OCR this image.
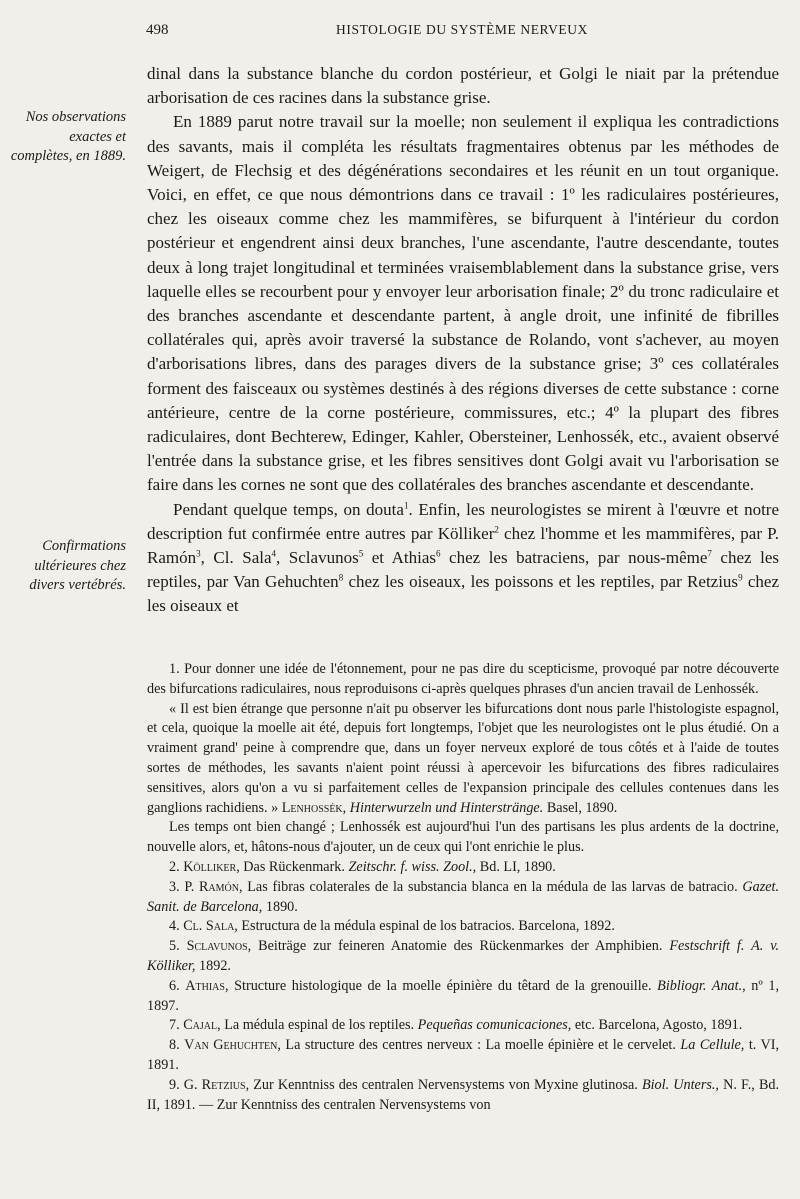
498	HISTOLOGIE DU SYSTÈME NERVEUX
Nos observations exactes et complètes, en 1889.
Confirmations ultérieures chez divers vertébrés.

dinal dans la substance blanche du cordon postérieur, et Golgi le niait par la prétendue arborisation de ces racines dans la substance grise.

En 1889 parut notre travail sur la moelle; non seulement il expliqua les contradictions des savants, mais il compléta les résultats fragmentaires obtenus par les méthodes de Weigert, de Flechsig et des dégénérations secondaires et les réunit en un tout organique. Voici, en effet, ce que nous démontrions dans ce travail : 1º les radiculaires postérieures, chez les oiseaux comme chez les mammifères, se bifurquent à l'intérieur du cordon postérieur et engendrent ainsi deux branches, l'une ascendante, l'autre descendante, toutes deux à long trajet longitudinal et terminées vraisemblablement dans la substance grise, vers laquelle elles se recourbent pour y envoyer leur arborisation finale; 2º du tronc radiculaire et des branches ascendante et descendante partent, à angle droit, une infinité de fibrilles collatérales qui, après avoir traversé la substance de Rolando, vont s'achever, au moyen d'arborisations libres, dans des parages divers de la substance grise; 3º ces collatérales forment des faisceaux ou systèmes destinés à des régions diverses de cette substance : corne antérieure, centre de la corne postérieure, commissures, etc.; 4º la plupart des fibres radiculaires, dont Bechterew, Edinger, Kahler, Obersteiner, Lenhossék, etc., avaient observé l'entrée dans la substance grise, et les fibres sensitives dont Golgi avait vu l'arborisation se faire dans les cornes ne sont que des collatérales des branches ascendante et descendante.

Pendant quelque temps, on douta$^1$. Enfin, les neurologistes se mirent à l'œuvre et notre description fut confirmée entre autres par Kölliker$^2$ chez l'homme et les mammifères, par P. Ramón$^3$, Cl. Sala$^4$, Sclavunos$^5$ et Athias$^6$ chez les batraciens, par nous-même$^7$ chez les reptiles, par Van Gehuchten$^8$ chez les oiseaux, les poissons et les reptiles, par Retzius$^9$ chez les oiseaux et

1. Pour donner une idée de l'étonnement, pour ne pas dire du scepticisme, provoqué par notre découverte des bifurcations radiculaires, nous reproduisons ci-après quelques phrases d'un ancien travail de Lenhossék.

« Il est bien étrange que personne n'ait pu observer les bifurcations dont nous parle l'histologiste espagnol, et cela, quoique la moelle ait été, depuis fort longtemps, l'objet que les neurologistes ont le plus étudié. On a vraiment grand' peine à comprendre que, dans un foyer nerveux exploré de tous côtés et à l'aide de toutes sortes de méthodes, les savants n'aient point réussi à apercevoir les bifurcations des fibres radiculaires sensitives, alors qu'on a vu si parfaitement celles de l'expansion principale des cellules contenues dans les ganglions rachidiens. » Lenhossék, Hinterwurzeln und Hinterstränge. Basel, 1890.

Les temps ont bien changé ; Lenhossék est aujourd'hui l'un des partisans les plus ardents de la doctrine, nouvelle alors, et, hâtons-nous d'ajouter, un de ceux qui l'ont enrichie le plus.

2. Kölliker, Das Rückenmark. Zeitschr. f. wiss. Zool., Bd. LI, 1890.

3. P. Ramón, Las fibras colaterales de la substancia blanca en la médula de las larvas de batracio. Gazet. Sanit. de Barcelona, 1890.

4. Cl. Sala, Estructura de la médula espinal de los batracios. Barcelona, 1892.

5. Sclavunos, Beiträge zur feineren Anatomie des Rückenmarkes der Amphibien. Festschrift f. A. v. Kölliker, 1892.

6. Athias, Structure histologique de la moelle épinière du têtard de la grenouille. Bibliogr. Anat., nº 1, 1897.

7. Cajal, La médula espinal de los reptiles. Pequeñas comunicaciones, etc. Barcelona, Agosto, 1891.

8. Van Gehuchten, La structure des centres nerveux : La moelle épinière et le cervelet. La Cellule, t. VI, 1891.

9. G. Retzius, Zur Kenntniss des centralen Nervensystems von Myxine glutinosa. Biol. Unters., N. F., Bd. II, 1891. — Zur Kenntniss des centralen Nervensystems von
